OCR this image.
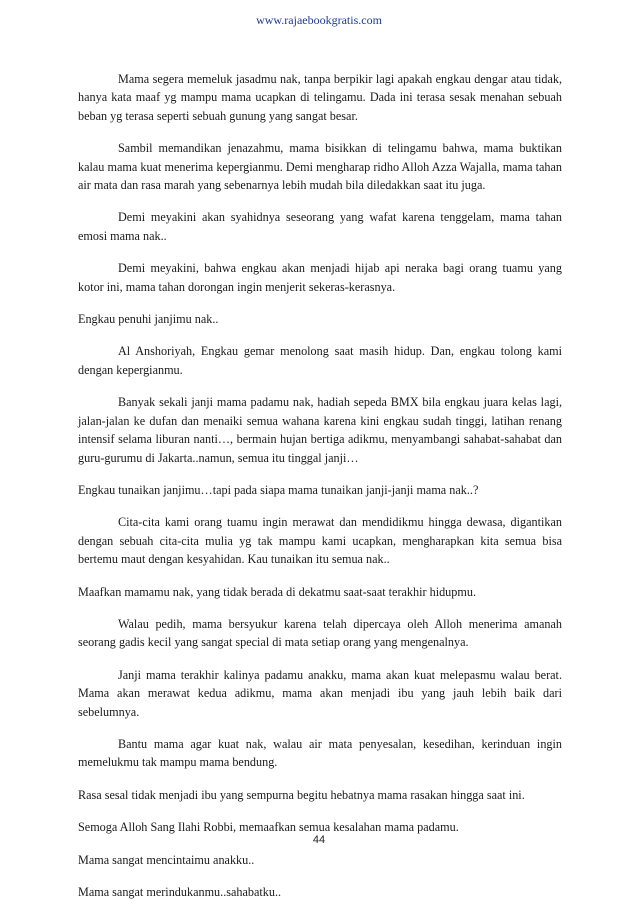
www.rajaebookgratis.com

Mama segera memeluk jasadmu nak, tanpa berpikir lagi apakah engkau dengar atau tidak, hanya kata maaf yg mampu mama ucapkan di telingamu. Dada ini terasa sesak menahan sebuah beban yg terasa seperti sebuah gunung yang sangat besar.

Sambil memandikan jenazahmu, mama bisikkan di telingamu bahwa, mama buktikan kalau mama kuat menerima kepergianmu. Demi mengharap ridho Alloh Azza Wajalla, mama tahan air mata dan rasa marah yang sebenarnya lebih mudah bila diledakkan saat itu juga.

Demi meyakini akan syahidnya seseorang yang wafat karena tenggelam, mama tahan emosi mama nak..

Demi meyakini, bahwa engkau akan menjadi hijab api neraka bagi orang tuamu yang kotor ini, mama tahan dorongan ingin menjerit sekeras-kerasnya.

Engkau penuhi janjimu nak..

Al Anshoriyah, Engkau gemar menolong saat masih hidup. Dan, engkau tolong kami dengan kepergianmu.

Banyak sekali janji mama padamu nak, hadiah sepeda BMX bila engkau juara kelas lagi, jalan-jalan ke dufan dan menaiki semua wahana karena kini engkau sudah tinggi, latihan renang intensif selama liburan nanti…, bermain hujan bertiga adikmu, menyambangi sahabat-sahabat dan guru-gurumu di Jakarta..namun, semua itu tinggal janji…

Engkau tunaikan janjimu…tapi pada siapa mama tunaikan janji-janji mama nak..?

Cita-cita kami orang tuamu ingin merawat dan mendidikmu hingga dewasa, digantikan dengan sebuah cita-cita mulia yg tak mampu kami ucapkan, mengharapkan kita semua bisa bertemu maut dengan kesyahidan. Kau tunaikan itu semua nak..

Maafkan mamamu nak, yang tidak berada di dekatmu saat-saat terakhir hidupmu.

Walau pedih, mama bersyukur karena telah dipercaya oleh Alloh menerima amanah seorang gadis kecil yang sangat special di mata setiap orang yang mengenalnya.

Janji mama terakhir kalinya padamu anakku, mama akan kuat melepasmu walau berat. Mama akan merawat kedua adikmu, mama akan menjadi ibu yang jauh lebih baik dari sebelumnya.

Bantu mama agar kuat nak, walau air mata penyesalan, kesedihan, kerinduan ingin memelukmu tak mampu mama bendung.

Rasa sesal tidak menjadi ibu yang sempurna begitu hebatnya mama rasakan hingga saat ini.

Semoga Alloh Sang Ilahi Robbi, memaafkan semua kesalahan mama padamu.

Mama sangat mencintaimu anakku..

Mama sangat merindukanmu..sahabatku..

44
